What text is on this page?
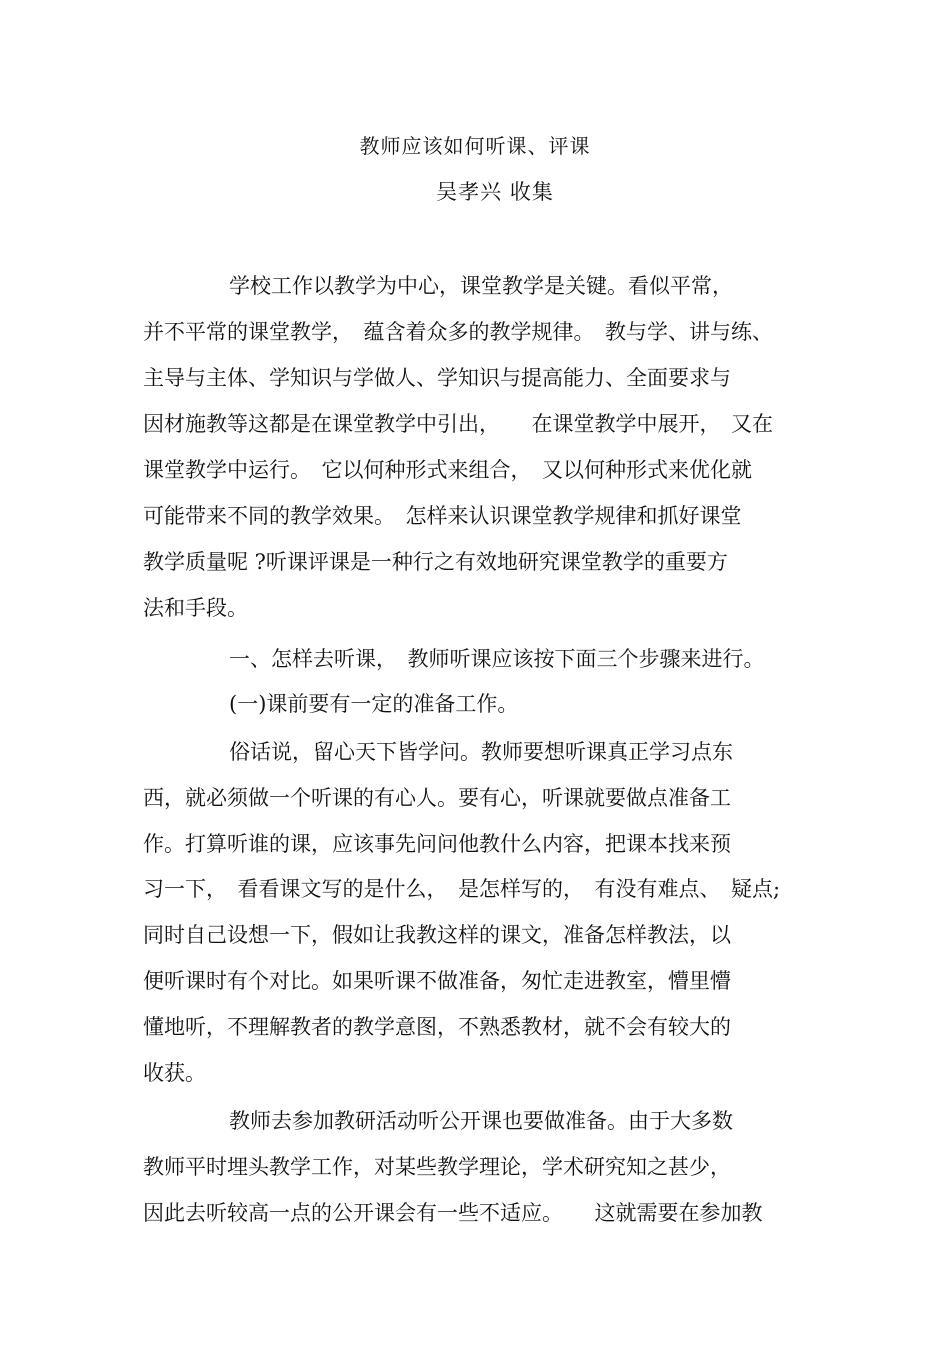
教师应该如何听课、评课
吴孝兴 收集

学校工作以教学为中心，课堂教学是关键。看似平常，

并不平常的课堂教学，　蕴含着众多的教学规律。　教与学、讲与练、

主导与主体、学知识与学做人、学知识与提高能力、全面要求与

因材施教等这都是在课堂教学中引出，　　在课堂教学中展开，　又在

课堂教学中运行。　它以何种形式来组合，　又以何种形式来优化就

可能带来不同的教学效果。　怎样来认识课堂教学规律和抓好课堂

教学质量呢 ?听课评课是一种行之有效地研究课堂教学的重要方

法和手段。

一、怎样去听课，　教师听课应该按下面三个步骤来进行。

(一)课前要有一定的准备工作。

俗话说，留心天下皆学问。教师要想听课真正学习点东

西，就必须做一个听课的有心人。要有心，听课就要做点准备工

作。打算听谁的课，应该事先问问他教什么内容，把课本找来预

习一下，　看看课文写的是什么，　是怎样写的，　有没有难点、　疑点;

同时自己设想一下，假如让我教这样的课文，准备怎样教法，以

便听课时有个对比。如果听课不做准备，匆忙走进教室，懵里懵

懂地听，不理解教者的教学意图，不熟悉教材，就不会有较大的

收获。

教师去参加教研活动听公开课也要做准备。由于大多数

教师平时埋头教学工作，对某些教学理论，学术研究知之甚少，

因此去听较高一点的公开课会有一些不适应。　　这就需要在参加教
